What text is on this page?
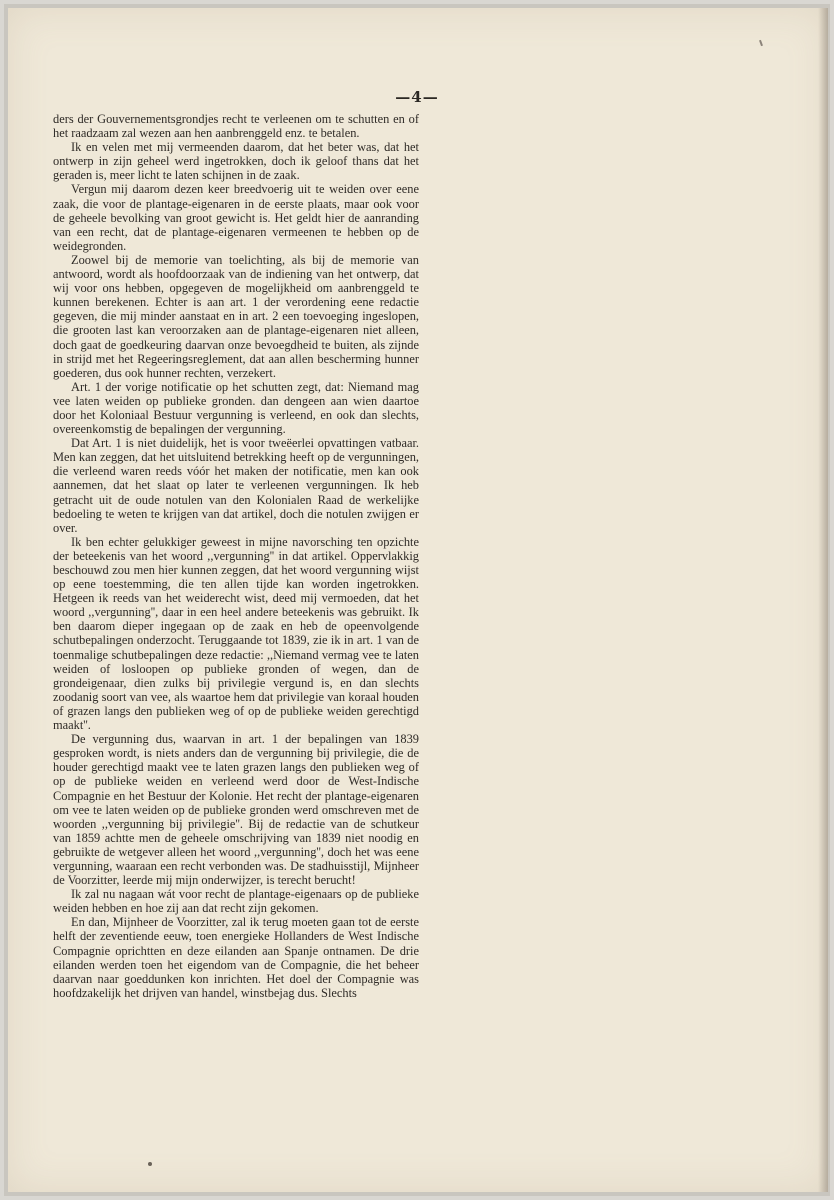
—4—

ders der Gouvernementsgrondjes recht te verleenen om te schutten en of het raadzaam zal wezen aan hen aanbrenggeld enz. te betalen.

Ik en velen met mij vermeenden daarom, dat het beter was, dat het ontwerp in zijn geheel werd ingetrokken, doch ik geloof thans dat het geraden is, meer licht te laten schijnen in de zaak.

Vergun mij daarom dezen keer breedvoerig uit te weiden over eene zaak, die voor de plantage-eigenaren in de eerste plaats, maar ook voor de geheele bevolking van groot gewicht is. Het geldt hier de aanranding van een recht, dat de plantage-eigenaren vermeenen te hebben op de weidegronden.

Zoowel bij de memorie van toelichting, als bij de memorie van antwoord, wordt als hoofdoorzaak van de indiening van het ontwerp, dat wij voor ons hebben, opgegeven de mogelijkheid om aanbrenggeld te kunnen berekenen. Echter is aan art. 1 der verordening eene redactie gegeven, die mij minder aanstaat en in art. 2 een toevoeging ingeslopen, die grooten last kan veroorzaken aan de plantage-eigenaren niet alleen, doch gaat de goedkeuring daarvan onze bevoegdheid te buiten, als zijnde in strijd met het Regeeringsreglement, dat aan allen bescherming hunner goederen, dus ook hunner rechten, verzekert.

Art. 1 der vorige notificatie op het schutten zegt, dat: Niemand mag vee laten weiden op publieke gronden. dan dengeen aan wien daartoe door het Koloniaal Bestuur vergunning is verleend, en ook dan slechts, overeenkomstig de bepalingen der vergunning.

Dat Art. 1 is niet duidelijk, het is voor tweëerlei opvattingen vatbaar. Men kan zeggen, dat het uitsluitend betrekking heeft op de vergunningen, die verleend waren reeds vóór het maken der notificatie, men kan ook aannemen, dat het slaat op later te verleenen vergunningen. Ik heb getracht uit de oude notulen van den Kolonialen Raad de werkelijke bedoeling te weten te krijgen van dat artikel, doch die notulen zwijgen er over.

Ik ben echter gelukkiger geweest in mijne navorsching ten opzichte der beteekenis van het woord ,,vergunning'' in dat artikel. Oppervlakkig beschouwd zou men hier kunnen zeggen, dat het woord vergunning wijst op eene toestemming, die ten allen tijde kan worden ingetrokken. Hetgeen ik reeds van het weiderecht wist, deed mij vermoeden, dat het woord ,,vergunning'', daar in een heel andere beteekenis was gebruikt. Ik ben daarom dieper ingegaan op de zaak en heb de opeenvolgende schutbepalingen onderzocht. Teruggaande tot 1839, zie ik in art. 1 van de toenmalige schutbepalingen deze redactie: ,,Niemand vermag vee te laten weiden of losloopen op publieke gronden of wegen, dan de grondeigenaar, dien zulks bij privilegie vergund is, en dan slechts zoodanig soort van vee, als waartoe hem dat privilegie van koraal houden of grazen langs den publieken weg of op de publieke weiden gerechtigd maakt''.

De vergunning dus, waarvan in art. 1 der bepalingen van 1839 gesproken wordt, is niets anders dan de vergunning bij privilegie, die de houder gerechtigd maakt vee te laten grazen langs den publieken weg of op de publieke weiden en verleend werd door de West-Indische Compagnie en het Bestuur der Kolonie. Het recht der plantage-eigenaren om vee te laten weiden op de publieke gronden werd omschreven met de woorden ,,vergunning bij privilegie''. Bij de redactie van de schutkeur van 1859 achtte men de geheele omschrijving van 1839 niet noodig en gebruikte de wetgever alleen het woord ,,vergunning'', doch het was eene vergunning, waaraan een recht verbonden was. De stadhuisstijl, Mijnheer de Voorzitter, leerde mij mijn onderwijzer, is terecht berucht!

Ik zal nu nagaan wát voor recht de plantage-eigenaars op de publieke weiden hebben en hoe zij aan dat recht zijn gekomen.

En dan, Mijnheer de Voorzitter, zal ik terug moeten gaan tot de eerste helft der zeventiende eeuw, toen energieke Hollanders de West Indische Compagnie oprichtten en deze eilanden aan Spanje ontnamen. De drie eilanden werden toen het eigendom van de Compagnie, die het beheer daarvan naar goeddunken kon inrichten. Het doel der Compagnie was hoofdzakelijk het drijven van handel, winstbejag dus. Slechts
